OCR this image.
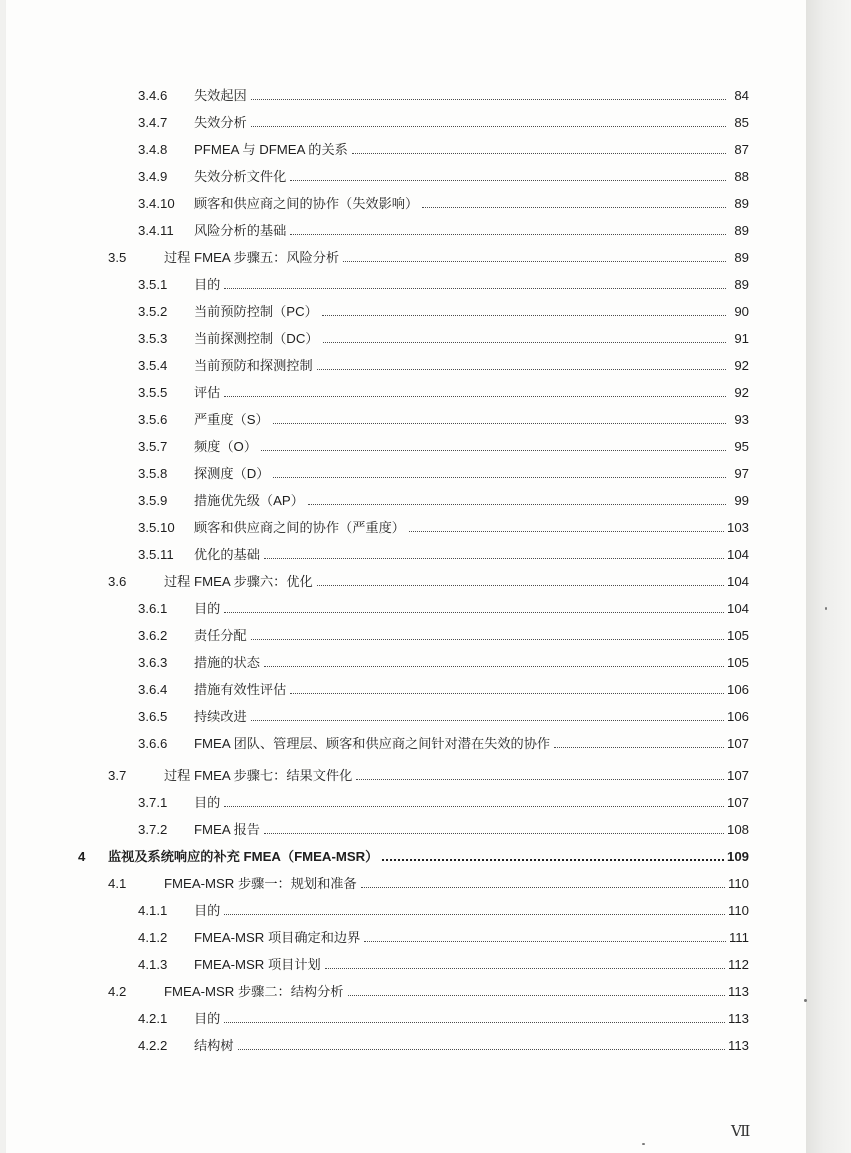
3.4.6	失效起因	84
3.4.7	失效分析	85
3.4.8	PFMEA 与 DFMEA 的关系	87
3.4.9	失效分析文件化	88
3.4.10	顾客和供应商之间的协作（失效影响）	89
3.4.11	风险分析的基础	89
3.5	过程 FMEA 步骤五：风险分析	89
3.5.1	目的	89
3.5.2	当前预防控制（PC）	90
3.5.3	当前探测控制（DC）	91
3.5.4	当前预防和探测控制	92
3.5.5	评估	92
3.5.6	严重度（S）	93
3.5.7	频度（O）	95
3.5.8	探测度（D）	97
3.5.9	措施优先级（AP）	99
3.5.10	顾客和供应商之间的协作（严重度）	103
3.5.11	优化的基础	104
3.6	过程 FMEA 步骤六：优化	104
3.6.1	目的	104
3.6.2	责任分配	105
3.6.3	措施的状态	105
3.6.4	措施有效性评估	106
3.6.5	持续改进	106
3.6.6	FMEA 团队、管理层、顾客和供应商之间针对潜在失效的协作	107
3.7	过程 FMEA 步骤七：结果文件化	107
3.7.1	目的	107
3.7.2	FMEA 报告	108
4	监视及系统响应的补充 FMEA（FMEA-MSR）	109
4.1	FMEA-MSR 步骤一：规划和准备	110
4.1.1	目的	110
4.1.2	FMEA-MSR 项目确定和边界	111
4.1.3	FMEA-MSR 项目计划	112
4.2	FMEA-MSR 步骤二：结构分析	113
4.2.1	目的	113
4.2.2	结构树	113
Ⅶ
